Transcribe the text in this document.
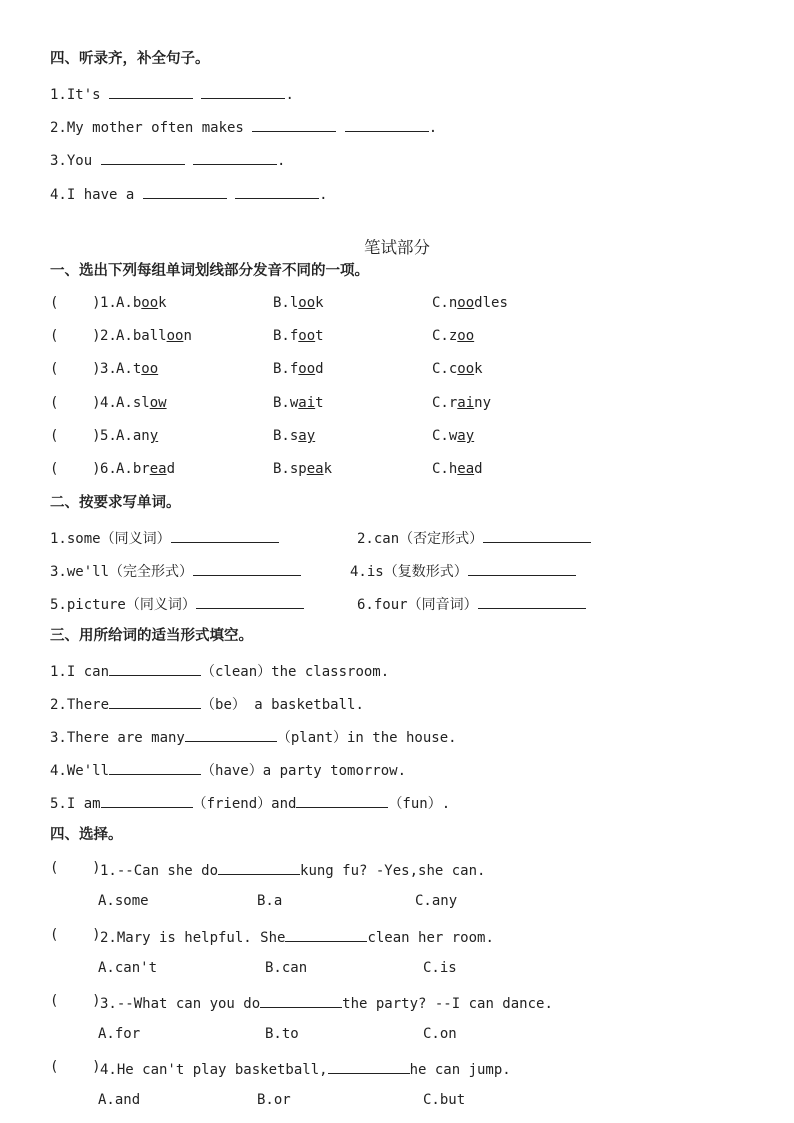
四、听录齐，补全句子。
1.It's	.
2.My mother often makes	.
3.You	.
4.I have a	.
笔试部分
一、选出下列每组单词划线部分发音不同的一项。
(    ) 1. A.book	B.look	C.noodles
(    ) 2. A.balloon	B.foot	C.zoo
(    ) 3. A.too	B.food	C.cook
(    ) 4. A.slow	B.wait	C.rainy
(    ) 5. A.any	B.say	C.way
(    ) 6. A.bread	B.speak	C.head
二、按要求写单词。
1.some（同义词）	2.can（否定形式）
3.we'll（完全形式）	4.is（复数形式）
5.picture（同义词）	6.four（同音词）
三、用所给词的适当形式填空。
1.I can	（clean）the classroom.
2.There	（be） a basketball.
3.There are many	（plant）in the house.
4.We'll	（have）a party tomorrow.
5.I am	（friend）and	（fun）.
四、选择。
(    ) 1.--Can she do	kung fu? -Yes,she can.
A.some	B.a	C.any
(    ) 2.Mary is helpful. She	clean her room.
A.can't	B.can	C.is
(    ) 3.--What can you do	the party? --I can dance.
A.for	B.to	C.on
(    ) 4.He can't play basketball,	he can jump.
A.and	B.or	C.but
